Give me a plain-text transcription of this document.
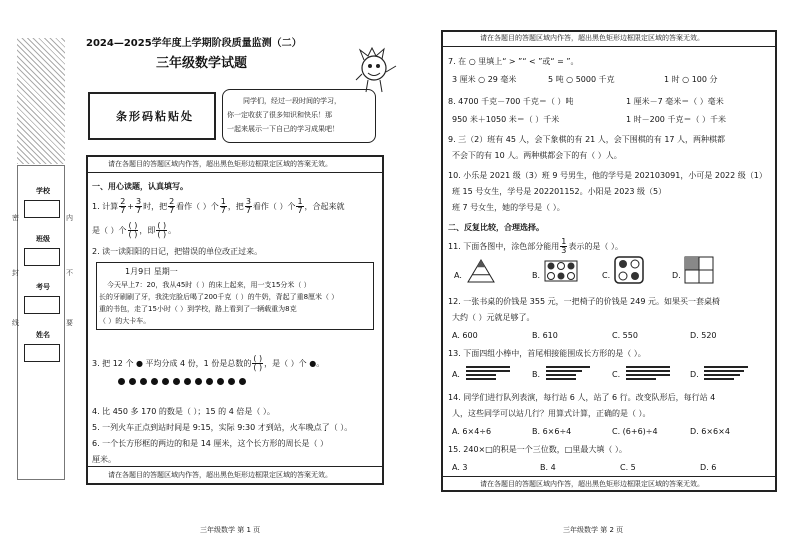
2024—2025学年度上学期阶段质量监测（二）
三年级数学试题
条形码粘贴处
同学们，经过一段时间的学习，
你一定收获了很多知识和快乐！那
一起来展示一下自己的学习成果吧！
学校
班级
考号
姓名
密
封
线
内
不
要
请在各题目的答题区域内作答，超出黑色矩形边框限定区域的答案无效。
一、用心读题，认真填写。
1. 计算 $\frac{2}{7} + \frac{3}{7}$ 时，把 $\frac{2}{7}$ 看作（ ）个 $\frac{1}{7}$ ，把 $\frac{3}{7}$ 看作（ ）个 $\frac{1}{7}$ ，合起来就
是（ ）个 $\frac{( )}{( )}$ ，即 $\frac{( )}{( )}$ 。
2. 读一读阳阳的日记，把错误的单位改正过来。
1月9日 星期一
今天早上7：20，我从45时（ ）的床上起来，用一支15分米（ ）
长的牙刷刷了牙，我洗完脸后喝了200千克（ ）的牛奶，背起了重8厘米（ ）
重的书包，走了15小时（ ）到学校，路上看到了一辆载重为8克
（ ）的大卡车。
3. 把 12 个 ● 平均分成 4 份，1 份是总数的 $\frac{( )}{( )}$ ，是（ ）个 ●。
4. 比 450 多 170 的数是（ ）；15 的 4 倍是（ ）。
5. 一列火车正点到站时间是 9:15，实际 9:30 才到站，火车晚点了（ ）。
6. 一个长方形框的两边的和是 14 厘米，这个长方形的周长是（ ）
厘米。
请在各题目的答题区域内作答，超出黑色矩形边框限定区域的答案无效。
三年级数学 第 1 页
请在各题目的答题区域内作答，超出黑色矩形边框限定区域的答案无效。
7. 在 ○ 里填上“ > ”“ < ”或“ = ”。
3 厘米 ○ 29 毫米	5 吨 ○ 5000 千克	1 时 ○ 100 分
8. 4700 千克－700 千克＝（ ）吨	1 厘米－7 毫米＝（ ）毫米
950 米＋1050 米＝（ ）千米	1 时－200 千克＝（ ）千米
9. 三（2）班有 45 人，会下象棋的有 21 人，会下围棋的有 17 人，两种棋都
不会下的有 10 人。两种棋都会下的有（ ）人。
10. 小乐是 2021 级（3）班 9 号男生，他的学号是 202103091，小可是 2022 级（1）
班 15 号女生，学号是 202201152。小阳是 2023 级（5）
班 7 号女生，她的学号是（ ）。
二、反复比较，合理选择。
11. 下面各图中，涂色部分能用 $\frac{1}{3}$ 表示的是（ ）。
A.	B.	C.	D.
12. 一张书桌的价钱是 355 元，一把椅子的价钱是 249 元。如果买一套桌椅
大约（ ）元就足够了。
A. 600	B. 610	C. 550	D. 520
13. 下面四组小棒中，首尾相接能围成长方形的是（ ）。
A.	B.	C.	D.
14. 同学们进行队列表演，每行站 6 人，站了 6 行。改变队形后，每行站 4
人，这些同学可以站几行？用算式计算，正确的是（ ）。
A. 6×4÷6	B. 6×6÷4	C. (6+6)÷4	D. 6×6×4
15. 240×□的积是一个三位数，□里最大填（ ）。
A. 3	B. 4	C. 5	D. 6
请在各题目的答题区域内作答，超出黑色矩形边框限定区域的答案无效。
三年级数学 第 2 页
